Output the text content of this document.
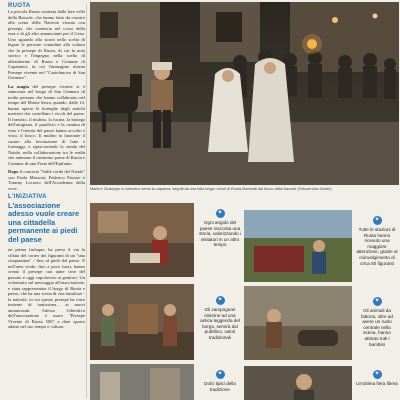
RUOTA

La piccola Ruota contesta dalle fute velle della Bassole, che hanno fatto da cornice alla scena della Natività vissuta con presepe, che comincia nel corso della sera e di gli altri annuncianti per il Gesu. Uno sguardo alla storia nella scelta di legare le persone contadine alla cultura che la presepe di Ruota, di cui la nota storico e l'impegno nella scelta di allestimento di Ruota e Comune di Capannori, in cui l'immagine ritorna Presepe vivente nel "Castelnuovo di San Gennaro".

La magia del presepe vivente si è rinnovata nel borgo di San Gennaro di molte persone che hanno collaborato nel tempo del Monte Serra, quando, dalle 14, hanno aperto le botteghe degli antichi mestieri che costellano i vicoli del paese. Il frantoio, il mulino, la fucina, la bottega dell'artigiano, il panificio e la cantina di vino e l'osteria del paese hanno accolto e visto, il bosco. Il mulino in funzione il casaro alla lavorazione di latte e formaggi, e ripercorrendo la strada del Natale, nella collaborazione tra le realtà che animano il cammino paese di Ruota e Comune di una Festa dell'Epifania.

Dopo il concerto "Sulle corde del Natale" con Paola Massoni, Federico Pastore e Tommy Locasso dell'Accademia della voce.

L'INIZIATIVA
L'associazione adesso vuole creare una cittadella permanente ai piedi del paese

un primo furlaque, ha preso il via la sfilata del corteo dei figuranti di un "una cinquantina" - fino al piedi del paese. E nell'area verde, fino a poco fuori, hanno creato il presepe con tante cose del passato e oggi capolavoro ai genitori. Un volontario sul messaggio all'associazione, e stata rappresentata il borgo di Ruota e paese, che ha una scena di vita familiare - la natività, in cui questo presepe ha visto insieme di tantissima... ai nuovi annuncianti. Adesso l'obiettivo dell'associazione è usare "Presepe Vivente di Ruota 500" a dare spazio adatto nel suo tempo e cultura.

Maria e Giuseppe in cammino verso la capanna, seguiti da una folla lunga i vicoli di Ruota illuminati dal fuoco della fiaccole (Fotoservizio Alcide)
✦
Ogni angolo del paese racconta una storia, valorizzando i visitatori in un altro tempo
✦
Tutte le stazioni di Ruota hanno ricevuto una maggiore attenzione, grazie al coinvolgimento di circa 50 figuranti
✦
Gli zampognari insieme ad una antica leggenda del borgo, servirà dal pubblico, valori tradizionali
✦
Gli animali da fattoria, oltre ad avere un ruolo centrale nella scena, hanno attirato tutti i bambini
✦
Dolci tipici della tradizione
✦
Un'ultima fiera libera
